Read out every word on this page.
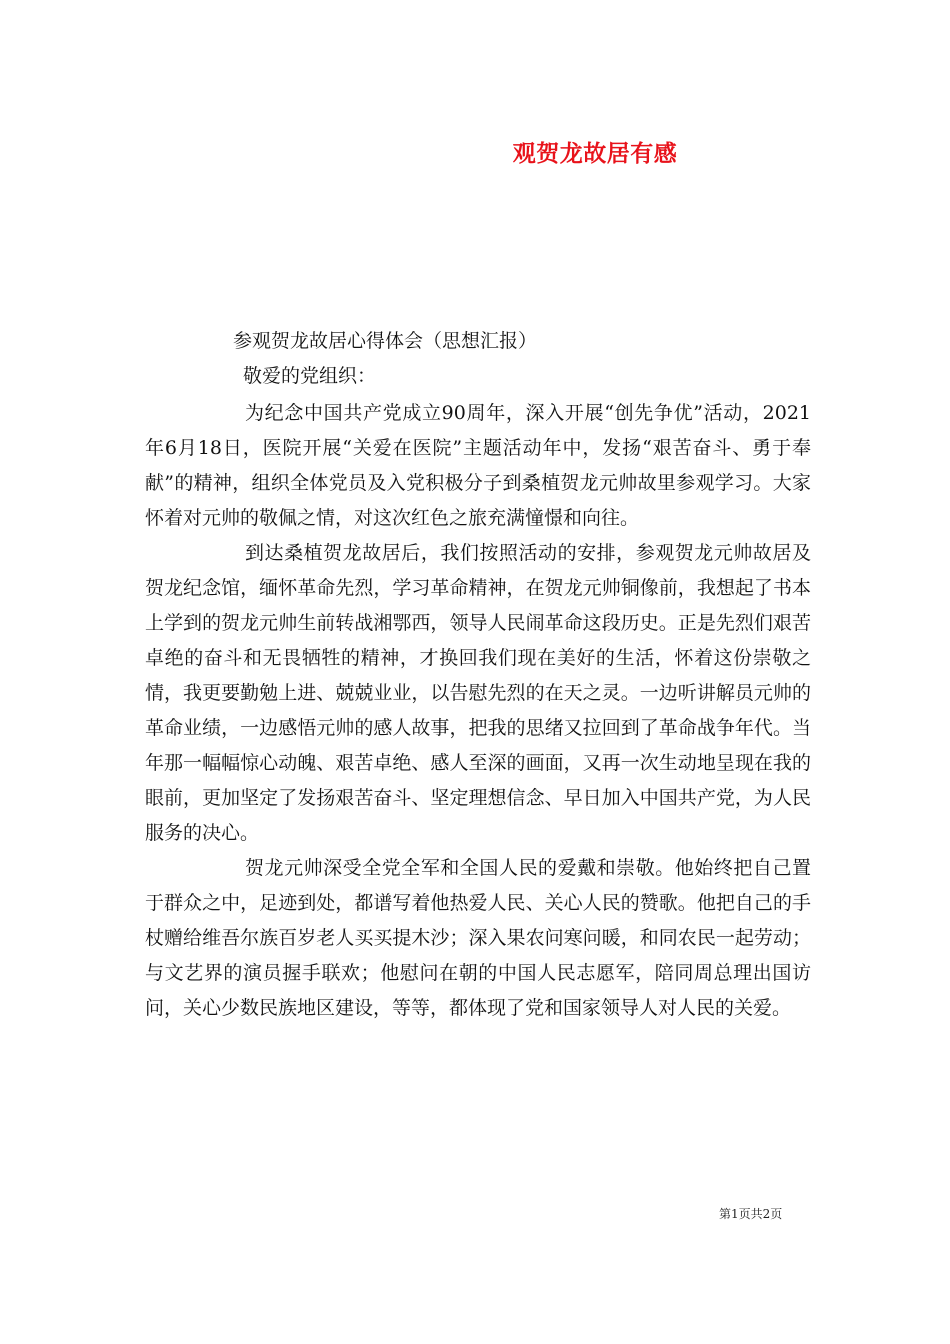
观贺龙故居有感
参观贺龙故居心得体会（思想汇报）
敬爱的党组织：

为纪念中国共产党成立90周年，深入开展“创先争优”活动，2021年6月18日，医院开展“关爱在医院”主题活动年中，发扬“艰苦奋斗、勇于奉献”的精神，组织全体党员及入党积极分子到桑植贺龙元帅故里参观学习。大家怀着对元帅的敬佩之情，对这次红色之旅充满憧憬和向往。

到达桑植贺龙故居后，我们按照活动的安排，参观贺龙元帅故居及贺龙纪念馆，缅怀革命先烈，学习革命精神，在贺龙元帅铜像前，我想起了书本上学到的贺龙元帅生前转战湘鄂西，领导人民闹革命这段历史。正是先烈们艰苦卓绝的奋斗和无畏牺牲的精神，才换回我们现在美好的生活，怀着这份崇敬之情，我更要勤勉上进、兢兢业业，以告慰先烈的在天之灵。一边听讲解员元帅的革命业绩，一边感悟元帅的感人故事，把我的思绪又拉回到了革命战争年代。当年那一幅幅惊心动魄、艰苦卓绝、感人至深的画面，又再一次生动地呈现在我的眼前，更加坚定了发扬艰苦奋斗、坚定理想信念、早日加入中国共产党，为人民服务的决心。

贺龙元帅深受全党全军和全国人民的爱戴和崇敬。他始终把自己置于群众之中，足迹到处，都谱写着他热爱人民、关心人民的赞歌。他把自己的手杖赠给维吾尔族百岁老人买买提木沙；深入果农问寒问暖，和同农民一起劳动；与文艺界的演员握手联欢；他慰问在朝的中国人民志愿军，陪同周总理出国访问，关心少数民族地区建设，等等，都体现了党和国家领导人对人民的关爱。

第1页共2页
